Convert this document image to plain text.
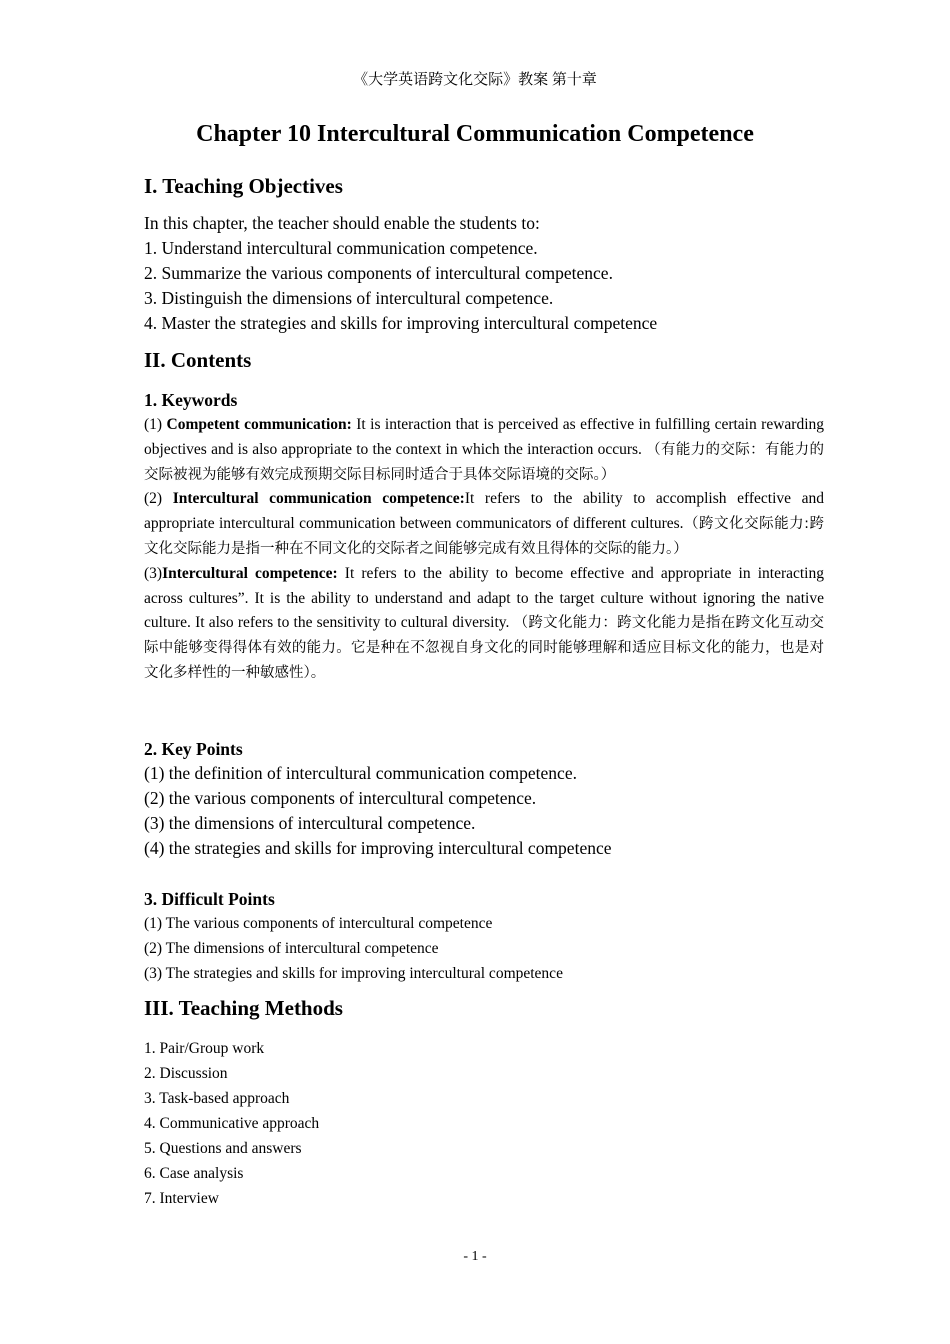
《大学英语跨文化交际》教案 第十章
Chapter 10 Intercultural Communication Competence
I. Teaching Objectives
In this chapter, the teacher should enable the students to:
1. Understand intercultural communication competence.
2. Summarize the various components of intercultural competence.
3. Distinguish the dimensions of intercultural competence.
4. Master the strategies and skills for improving intercultural competence
II. Contents
1. Keywords
(1) Competent communication: It is interaction that is perceived as effective in fulfilling certain rewarding objectives and is also appropriate to the context in which the interaction occurs. （有能力的交际：有能力的交际被视为能够有效完成预期交际目标同时适合于具体交际语境的交际。）
(2) Intercultural communication competence:It refers to the ability to accomplish effective and appropriate intercultural communication between communicators of different cultures.（跨文化交际能力:跨文化交际能力是指一种在不同文化的交际者之间能够完成有效且得体的交际的能力。）
(3)Intercultural competence: It refers to the ability to become effective and appropriate in interacting across cultures”. It is the ability to understand and adapt to the target culture without ignoring the native culture. It also refers to the sensitivity to cultural diversity. （跨文化能力：跨文化能力是指在跨文化互动交际中能够变得得体有效的能力。它是种在不忽视自身文化的同时能够理解和适应目标文化的能力，也是对文化多样性的一种敏感性）。
2. Key Points
(1) the definition of intercultural communication competence.
(2) the various components of intercultural competence.
(3) the dimensions of intercultural competence.
(4) the strategies and skills for improving intercultural competence
3. Difficult Points
(1) The various components of intercultural competence
(2) The dimensions of intercultural competence
(3) The strategies and skills for improving intercultural competence
III. Teaching Methods
1. Pair/Group work
2. Discussion
3. Task-based approach
4. Communicative approach
5. Questions and answers
6. Case analysis
7. Interview
- 1 -
